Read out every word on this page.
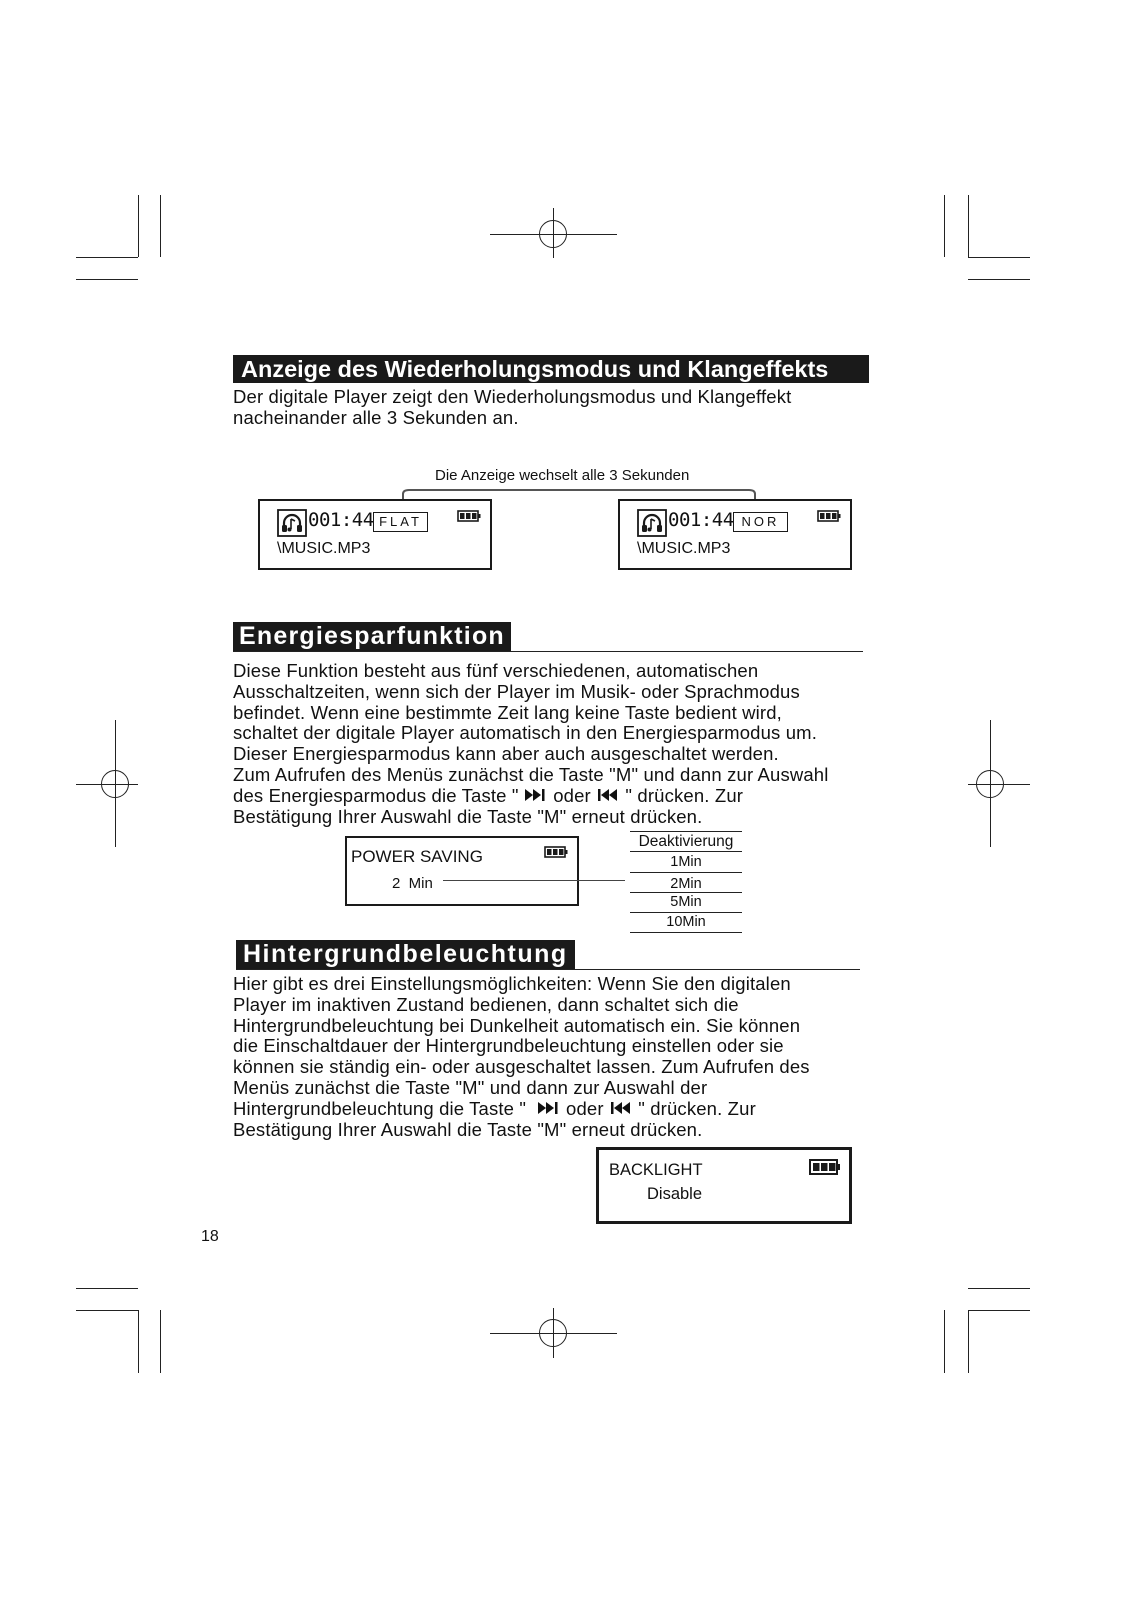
Anzeige des Wiederholungsmodus und Klangeffekts

Der digitale Player zeigt den Wiederholungsmodus und Klangeffekt
nacheinander alle 3 Sekunden an.

Die Anzeige wechselt alle 3 Sekunden
001:44 FLAT
\MUSIC.MP3
001:44 NOR
\MUSIC.MP3
Energiesparfunktion

Diese Funktion besteht aus fünf verschiedenen, automatischen
Ausschaltzeiten, wenn sich der Player im Musik- oder Sprachmodus
befindet. Wenn eine bestimmte Zeit lang keine Taste bedient wird,
schaltet der digitale Player automatisch in den Energiesparmodus um.
Dieser Energiesparmodus kann aber auch ausgeschaltet werden.
Zum Aufrufen des Menüs zunächst die Taste "M" und dann zur Auswahl
des Energiesparmodus die Taste "  oder  " drücken. Zur
Bestätigung Ihrer Auswahl die Taste "M" erneut drücken.

POWER SAVING
2  Min
Deaktivierung
1Min
2Min
5Min
10Min
Hintergrundbeleuchtung

Hier gibt es drei Einstellungsmöglichkeiten: Wenn Sie den digitalen
Player im inaktiven Zustand bedienen, dann schaltet sich die
Hintergrundbeleuchtung bei Dunkelheit automatisch ein. Sie können
die Einschaltdauer der Hintergrundbeleuchtung einstellen oder sie
können sie ständig ein- oder ausgeschaltet lassen. Zum Aufrufen des
Menüs zunächst die Taste "M" und dann zur Auswahl der
Hintergrundbeleuchtung die Taste "   oder  " drücken. Zur
Bestätigung Ihrer Auswahl die Taste "M" erneut drücken.

BACKLIGHT
Disable
18
